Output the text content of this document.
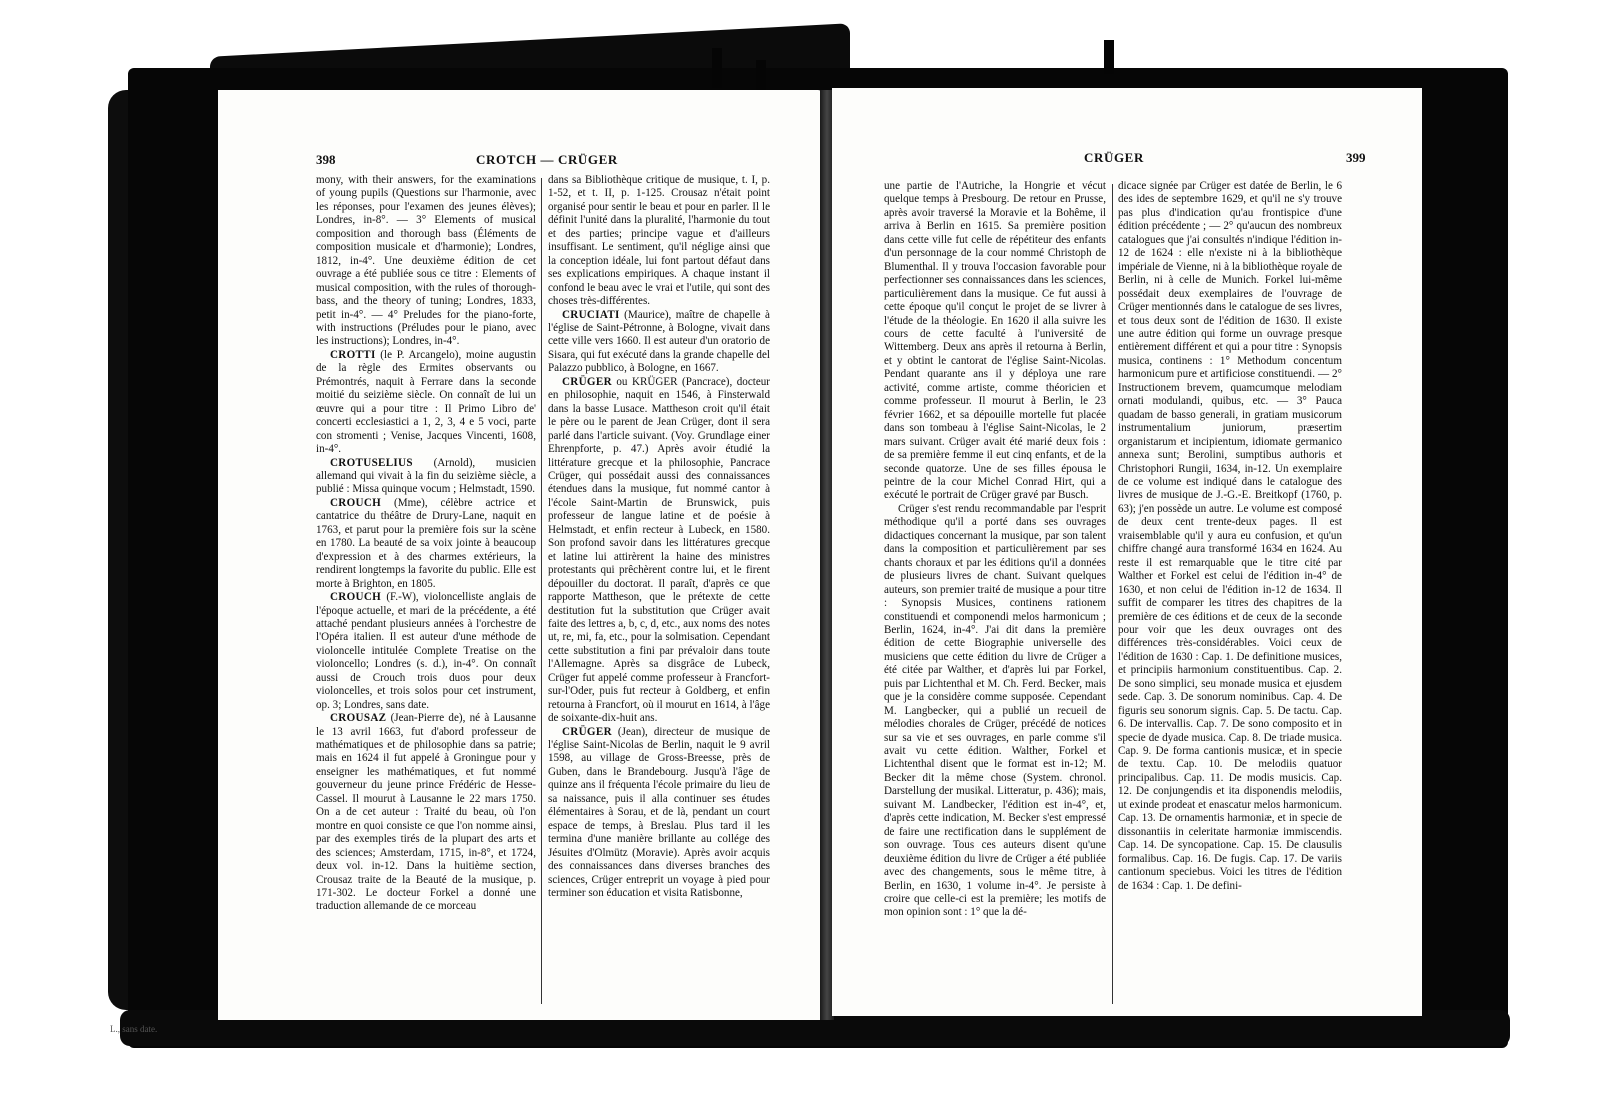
398	CROTCH — CRÜGER

mony, with their answers, for the examinations of young pupils (Questions sur l'harmonie, avec les réponses, pour l'examen des jeunes élèves); Londres, in-8°. — 3° Elements of musical composition and thorough bass (Éléments de composition musicale et d'harmonie); Londres, 1812, in-4°. Une deuxième édition de cet ouvrage a été publiée sous ce titre : Elements of musical composition, with the rules of thorough-bass, and the theory of tuning; Londres, 1833, petit in-4°. — 4° Preludes for the piano-forte, with instructions (Préludes pour le piano, avec les instructions); Londres, in-4°.

CROTTI (le P. Arcangelo), moine augustin de la règle des Ermites observants ou Prémontrés, naquit à Ferrare dans la seconde moitié du seizième siècle. On connaît de lui un œuvre qui a pour titre : Il Primo Libro de' concerti ecclesiastici a 1, 2, 3, 4 e 5 voci, parte con stromenti ; Venise, Jacques Vincenti, 1608, in-4°.

CROTUSELIUS (Arnold), musicien allemand qui vivait à la fin du seizième siècle, a publié : Missa quinque vocum ; Helmstadt, 1590.

CROUCH (Mme), célèbre actrice et cantatrice du théâtre de Drury-Lane, naquit en 1763, et parut pour la première fois sur la scène en 1780. La beauté de sa voix jointe à beaucoup d'expression et à des charmes extérieurs, la rendirent longtemps la favorite du public. Elle est morte à Brighton, en 1805.

CROUCH (F.-W), violoncelliste anglais de l'époque actuelle, et mari de la précédente, a été attaché pendant plusieurs années à l'orchestre de l'Opéra italien. Il est auteur d'une méthode de violoncelle intitulée Complete Treatise on the violoncello; Londres (s. d.), in-4°. On connaît aussi de Crouch trois duos pour deux violoncelles, et trois solos pour cet instrument, op. 3; Londres, sans date.

CROUSAZ (Jean-Pierre de), né à Lausanne le 13 avril 1663, fut d'abord professeur de mathématiques et de philosophie dans sa patrie; mais en 1624 il fut appelé à Groningue pour y enseigner les mathématiques, et fut nommé gouverneur du jeune prince Frédéric de Hesse-Cassel. Il mourut à Lausanne le 22 mars 1750. On a de cet auteur : Traité du beau, où l'on montre en quoi consiste ce que l'on nomme ainsi, par des exemples tirés de la plupart des arts et des sciences; Amsterdam, 1715, in-8°, et 1724, deux vol. in-12. Dans la huitième section, Crousaz traite de la Beauté de la musique, p. 171-302. Le docteur Forkel a donné une traduction allemande de ce morceau

dans sa Bibliothèque critique de musique, t. I, p. 1-52, et t. II, p. 1-125. Crousaz n'était point organisé pour sentir le beau et pour en parler. Il le définit l'unité dans la pluralité, l'harmonie du tout et des parties; principe vague et d'ailleurs insuffisant. Le sentiment, qu'il néglige ainsi que la conception idéale, lui font partout défaut dans ses explications empiriques. A chaque instant il confond le beau avec le vrai et l'utile, qui sont des choses très-différentes.

CRUCIATI (Maurice), maître de chapelle à l'église de Saint-Pétronne, à Bologne, vivait dans cette ville vers 1660. Il est auteur d'un oratorio de Sisara, qui fut exécuté dans la grande chapelle del Palazzo pubblico, à Bologne, en 1667.

CRÜGER ou KRÜGER (Pancrace), docteur en philosophie, naquit en 1546, à Finsterwald dans la basse Lusace. Mattheson croit qu'il était le père ou le parent de Jean Crüger, dont il sera parlé dans l'article suivant. (Voy. Grundlage einer Ehrenpforte, p. 47.) Après avoir étudié la littérature grecque et la philosophie, Pancrace Crüger, qui possédait aussi des connaissances étendues dans la musique, fut nommé cantor à l'école Saint-Martin de Brunswick, puis professeur de langue latine et de poésie à Helmstadt, et enfin recteur à Lubeck, en 1580. Son profond savoir dans les littératures grecque et latine lui attirèrent la haine des ministres protestants qui prêchèrent contre lui, et le firent dépouiller du doctorat. Il paraît, d'après ce que rapporte Mattheson, que le prétexte de cette destitution fut la substitution que Crüger avait faite des lettres a, b, c, d, etc., aux noms des notes ut, re, mi, fa, etc., pour la solmisation. Cependant cette substitution a fini par prévaloir dans toute l'Allemagne. Après sa disgrâce de Lubeck, Crüger fut appelé comme professeur à Francfort-sur-l'Oder, puis fut recteur à Goldberg, et enfin retourna à Francfort, où il mourut en 1614, à l'âge de soixante-dix-huit ans.

CRÜGER (Jean), directeur de musique de l'église Saint-Nicolas de Berlin, naquit le 9 avril 1598, au village de Gross-Breesse, près de Guben, dans le Brandebourg. Jusqu'à l'âge de quinze ans il fréquenta l'école primaire du lieu de sa naissance, puis il alla continuer ses études élémentaires à Sorau, et de là, pendant un court espace de temps, à Breslau. Plus tard il les termina d'une manière brillante au collége des Jésuites d'Olmütz (Moravie). Après avoir acquis des connaissances dans diverses branches des sciences, Crüger entreprit un voyage à pied pour terminer son éducation et visita Ratisbonne,

CRÜGER	399

une partie de l'Autriche, la Hongrie et vécut quelque temps à Presbourg. De retour en Prusse, après avoir traversé la Moravie et la Bohême, il arriva à Berlin en 1615. Sa première position dans cette ville fut celle de répétiteur des enfants d'un personnage de la cour nommé Christoph de Blumenthal. Il y trouva l'occasion favorable pour perfectionner ses connaissances dans les sciences, particulièrement dans la musique. Ce fut aussi à cette époque qu'il conçut le projet de se livrer à l'étude de la théologie. En 1620 il alla suivre les cours de cette faculté à l'université de Wittemberg. Deux ans après il retourna à Berlin, et y obtint le cantorat de l'église Saint-Nicolas. Pendant quarante ans il y déploya une rare activité, comme artiste, comme théoricien et comme professeur. Il mourut à Berlin, le 23 février 1662, et sa dépouille mortelle fut placée dans son tombeau à l'église Saint-Nicolas, le 2 mars suivant. Crüger avait été marié deux fois : de sa première femme il eut cinq enfants, et de la seconde quatorze. Une de ses filles épousa le peintre de la cour Michel Conrad Hirt, qui a exécuté le portrait de Crüger gravé par Busch.

Crüger s'est rendu recommandable par l'esprit méthodique qu'il a porté dans ses ouvrages didactiques concernant la musique, par son talent dans la composition et particulièrement par ses chants choraux et par les éditions qu'il a données de plusieurs livres de chant. Suivant quelques auteurs, son premier traité de musique a pour titre : Synopsis Musices, continens rationem constituendi et componendi melos harmonicum ; Berlin, 1624, in-4°. J'ai dit dans la première édition de cette Biographie universelle des musiciens que cette édition du livre de Crüger a été citée par Walther, et d'après lui par Forkel, puis par Lichtenthal et M. Ch. Ferd. Becker, mais que je la considère comme supposée. Cependant M. Langbecker, qui a publié un recueil de mélodies chorales de Crüger, précédé de notices sur sa vie et ses ouvrages, en parle comme s'il avait vu cette édition. Walther, Forkel et Lichtenthal disent que le format est in-12; M. Becker dit la même chose (System. chronol. Darstellung der musikal. Litteratur, p. 436); mais, suivant M. Landbecker, l'édition est in-4°, et, d'après cette indication, M. Becker s'est empressé de faire une rectification dans le supplément de son ouvrage. Tous ces auteurs disent qu'une deuxième édition du livre de Crüger a été publiée avec des changements, sous le même titre, à Berlin, en 1630, 1 volume in-4°. Je persiste à croire que celle-ci est la première; les motifs de mon opinion sont : 1° que la dé-

dicace signée par Crüger est datée de Berlin, le 6 des ides de septembre 1629, et qu'il ne s'y trouve pas plus d'indication qu'au frontispice d'une édition précédente ; — 2° qu'aucun des nombreux catalogues que j'ai consultés n'indique l'édition in-12 de 1624 : elle n'existe ni à la bibliothèque impériale de Vienne, ni à la bibliothèque royale de Berlin, ni à celle de Munich. Forkel lui-même possédait deux exemplaires de l'ouvrage de Crüger mentionnés dans le catalogue de ses livres, et tous deux sont de l'édition de 1630. Il existe une autre édition qui forme un ouvrage presque entièrement différent et qui a pour titre : Synopsis musica, continens : 1° Methodum concentum harmonicum pure et artificiose constituendi. — 2° Instructionem brevem, quamcumque melodiam ornati modulandi, quibus, etc. — 3° Pauca quadam de basso generali, in gratiam musicorum instrumentalium juniorum, præsertim organistarum et incipientum, idiomate germanico annexa sunt; Berolini, sumptibus authoris et Christophori Rungii, 1634, in-12. Un exemplaire de ce volume est indiqué dans le catalogue des livres de musique de J.-G.-E. Breitkopf (1760, p. 63); j'en possède un autre. Le volume est composé de deux cent trente-deux pages. Il est vraisemblable qu'il y aura eu confusion, et qu'un chiffre changé aura transformé 1634 en 1624. Au reste il est remarquable que le titre cité par Walther et Forkel est celui de l'édition in-4° de 1630, et non celui de l'édition in-12 de 1634. Il suffit de comparer les titres des chapitres de la première de ces éditions et de ceux de la seconde pour voir que les deux ouvrages ont des différences très-considérables. Voici ceux de l'édition de 1630 : Cap. 1. De definitione musices, et principiis harmonium constituentibus. Cap. 2. De sono simplici, seu monade musica et ejusdem sede. Cap. 3. De sonorum nominibus. Cap. 4. De figuris seu sonorum signis. Cap. 5. De tactu. Cap. 6. De intervallis. Cap. 7. De sono composito et in specie de dyade musica. Cap. 8. De triade musica. Cap. 9. De forma cantionis musicæ, et in specie de textu. Cap. 10. De melodiis quatuor principalibus. Cap. 11. De modis musicis. Cap. 12. De conjungendis et ita disponendis melodiis, ut exinde prodeat et enascatur melos harmonicum. Cap. 13. De ornamentis harmoniæ, et in specie de dissonantiis in celeritate harmoniæ immiscendis. Cap. 14. De syncopatione. Cap. 15. De clausulis formalibus. Cap. 16. De fugis. Cap. 17. De variis cantionum speciebus. Voici les titres de l'édition de 1634 : Cap. 1. De defini-

L., sans date.
